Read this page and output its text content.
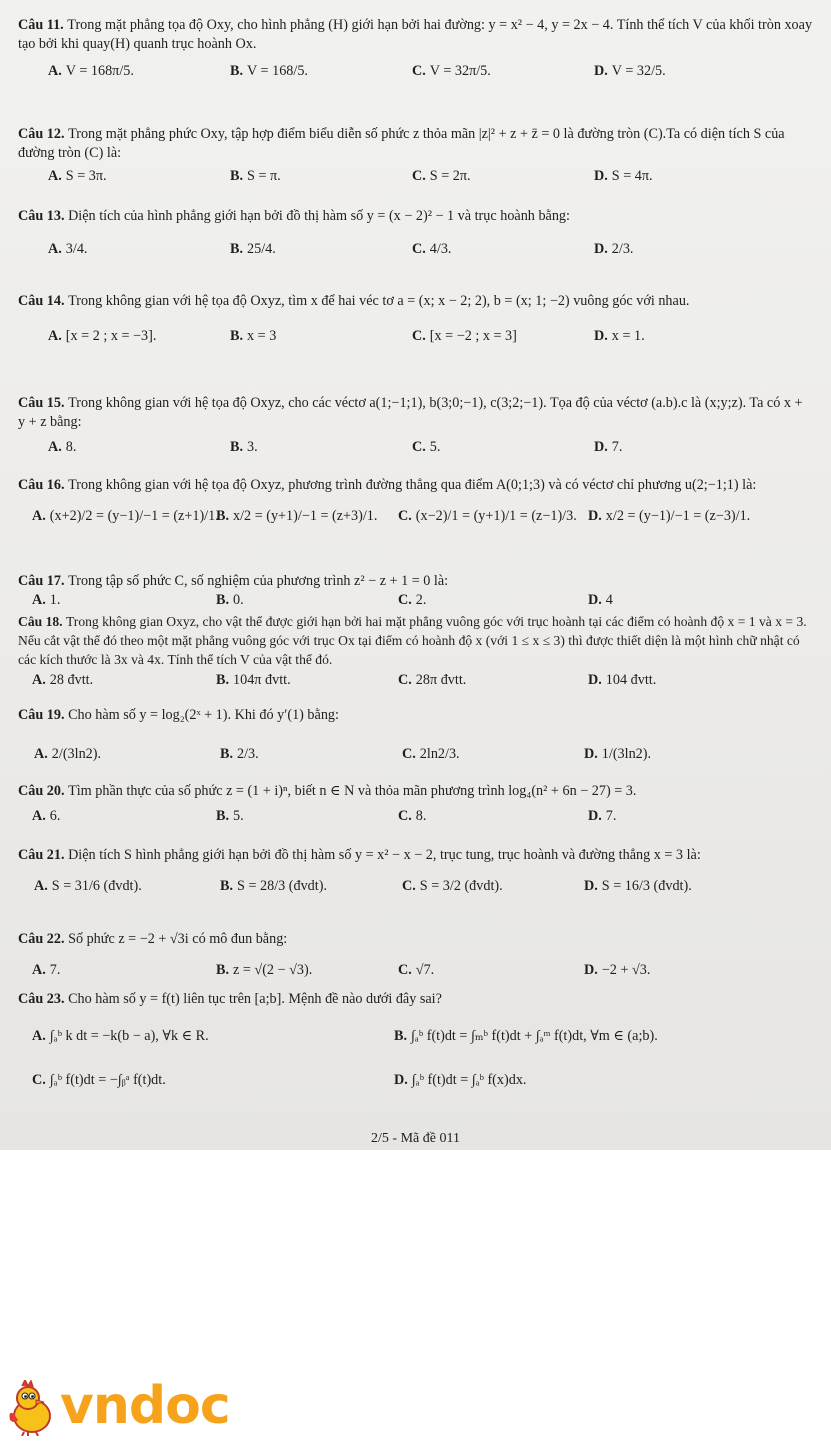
Câu 11. Trong mặt phẳng tọa độ Oxy, cho hình phẳng (H) giới hạn bởi hai đường: y = x² − 4, y = 2x − 4. Tính thể tích V của khối tròn xoay tạo bởi khi quay(H) quanh trục hoành Ox.
A. V = 168π/5.	B. V = 168/5.	C. V = 32π/5.	D. V = 32/5.
Câu 12. Trong mặt phẳng phức Oxy, tập hợp điểm biểu diễn số phức z thỏa mãn |z|² + z + z̄ = 0 là đường tròn (C).Ta có diện tích S của đường tròn (C) là:
A. S = 3π.	B. S = π.	C. S = 2π.	D. S = 4π.
Câu 13. Diện tích của hình phẳng giới hạn bởi đồ thị hàm số y = (x − 2)² − 1 và trục hoành bằng:
A. 3/4.	B. 25/4.	C. 4/3.	D. 2/3.
Câu 14. Trong không gian với hệ tọa độ Oxyz, tìm x để hai véc tơ a = (x; x − 2; 2), b = (x; 1; −2) vuông góc với nhau.
A. [x = 2 ; x = −3].	B. x = 3	C. [x = −2 ; x = 3]	D. x = 1.
Câu 15. Trong không gian với hệ tọa độ Oxyz, cho các véctơ a(1;−1;1), b(3;0;−1), c(3;2;−1). Tọa độ của véctơ (a.b).c là (x;y;z). Ta có x + y + z bằng:
A. 8.	B. 3.	C. 5.	D. 7.
Câu 16. Trong không gian với hệ tọa độ Oxyz, phương trình đường thẳng qua điểm A(0;1;3) và có véctơ chỉ phương u(2;−1;1) là:
A. (x+2)/2 = (y−1)/−1 = (z+1)/1.
B. x/2 = (y+1)/−1 = (z+3)/1. C. (x−2)/1 = (y+1)/1 = (z−1)/3. D. x/2 = (y−1)/−1 = (z−3)/1.
Câu 17. Trong tập số phức C, số nghiệm của phương trình z² − z + 1 = 0 là:
A. 1.	B. 0.	C. 2.	D. 4
Câu 18. Trong không gian Oxyz, cho vật thể được giới hạn bởi hai mặt phẳng vuông góc với trục hoành tại các điểm có hoành độ x = 1 và x = 3. Nếu cắt vật thể đó theo một mặt phẳng vuông góc với trục Ox tại điểm có hoành độ x (với 1 ≤ x ≤ 3) thì được thiết diện là một hình chữ nhật có các kích thước là 3x và 4x. Tính thể tích V của vật thể đó.
A. 28 đvtt.	B. 104π đvtt.	C. 28π đvtt.	D. 104 đvtt.
Câu 19. Cho hàm số y = log₂(2ˣ + 1). Khi đó y′(1) bằng:
A. 2/(3ln2).	B. 2/3.	C. 2ln2/3.	D. 1/(3ln2).
Câu 20. Tìm phần thực của số phức z = (1 + i)ⁿ, biết n ∈ N và thỏa mãn phương trình log₄(n² + 6n − 27) = 3.
A. 6.	B. 5.	C. 8.	D. 7.
Câu 21. Diện tích S hình phẳng giới hạn bởi đồ thị hàm số y = x² − x − 2, trục tung, trục hoành và đường thẳng x = 3 là:
A. S = 31/6 (đvdt).	B. S = 28/3 (đvdt).	C. S = 3/2 (đvdt).	D. S = 16/3 (đvdt).
Câu 22. Số phức z = −2 + √3i có mô đun bằng:
A. 7.	B. z = √(2 − √3).	C. √7.	D. −2 + √3.
Câu 23. Cho hàm số y = f(t) liên tục trên [a;b]. Mệnh đề nào dưới đây sai?
A. ∫ₐᵇ k dt = −k(b − a), ∀k ∈ R.	B. ∫ₐᵇ f(t)dt = ∫ₘᵇ f(t)dt + ∫ₐᵐ f(t)dt, ∀m ∈ (a;b).
C. ∫ₐᵇ f(t)dt = −∫ᵦᵃ f(t)dt.	D. ∫ₐᵇ f(t)dt = ∫ₐᵇ f(x)dx.
2/5 - Mã đề 011
vndoc
